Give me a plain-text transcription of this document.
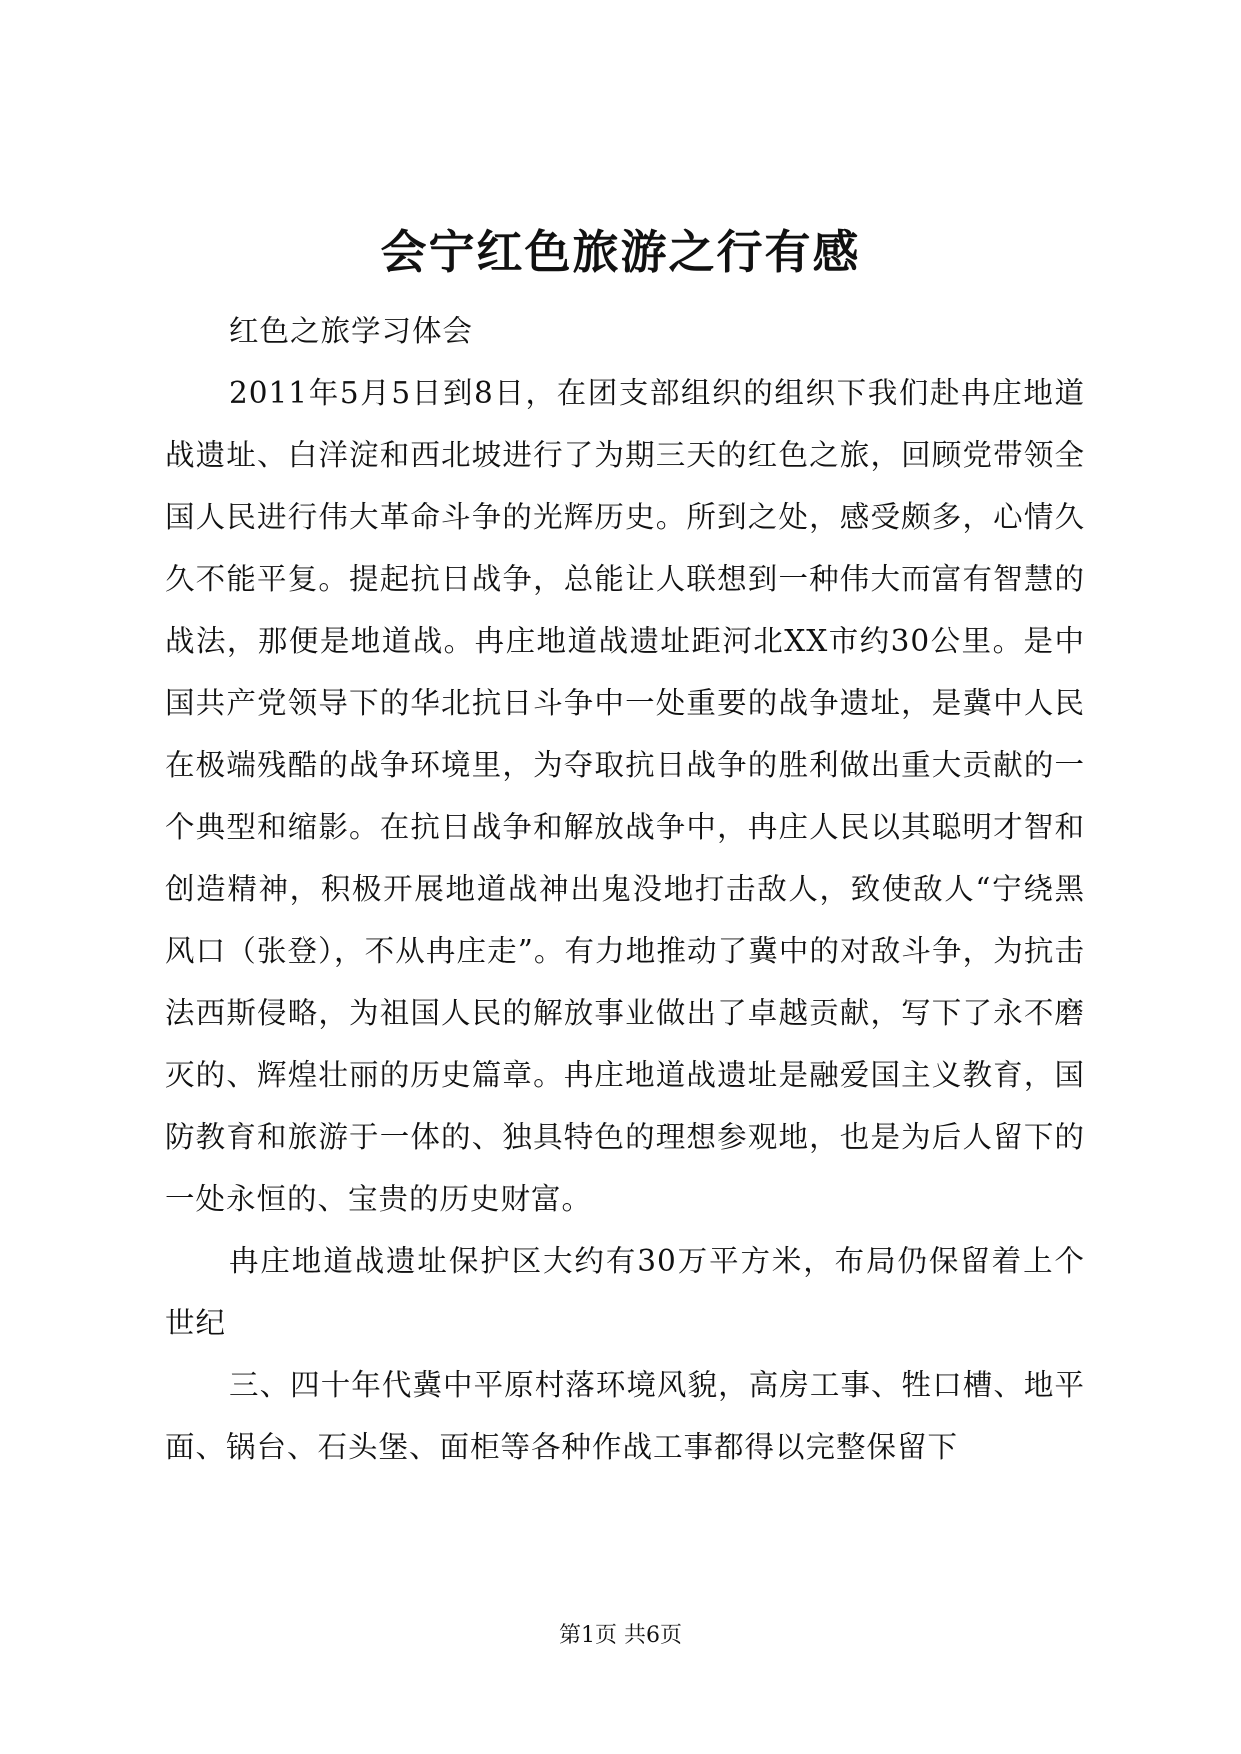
会宁红色旅游之行有感

红色之旅学习体会

2011年5月5日到8日，在团支部组织的组织下我们赴冉庄地道战遗址、白洋淀和西北坡进行了为期三天的红色之旅，回顾党带领全国人民进行伟大革命斗争的光辉历史。所到之处，感受颇多，心情久久不能平复。提起抗日战争，总能让人联想到一种伟大而富有智慧的战法，那便是地道战。冉庄地道战遗址距河北XX市约30公里。是中国共产党领导下的华北抗日斗争中一处重要的战争遗址，是冀中人民在极端残酷的战争环境里，为夺取抗日战争的胜利做出重大贡献的一个典型和缩影。在抗日战争和解放战争中，冉庄人民以其聪明才智和创造精神，积极开展地道战神出鬼没地打击敌人，致使敌人“宁绕黑风口（张登），不从冉庄走”。有力地推动了冀中的对敌斗争，为抗击法西斯侵略，为祖国人民的解放事业做出了卓越贡献，写下了永不磨灭的、辉煌壮丽的历史篇章。冉庄地道战遗址是融爱国主义教育，国防教育和旅游于一体的、独具特色的理想参观地，也是为后人留下的一处永恒的、宝贵的历史财富。

冉庄地道战遗址保护区大约有30万平方米，布局仍保留着上个世纪

三、四十年代冀中平原村落环境风貌，高房工事、牲口槽、地平面、锅台、石头堡、面柜等各种作战工事都得以完整保留下

第1页 共6页
